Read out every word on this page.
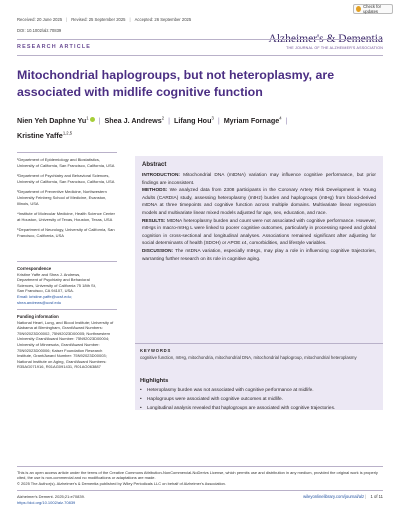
Received: 20 June 2025 | Revised: 25 September 2025 | Accepted: 26 September 2025
Check for updates
DOI: 10.1002/alz.70839
Alzheimer's & Dementia
THE JOURNAL OF THE ALZHEIMER'S ASSOCIATION
RESEARCH ARTICLE
Mitochondrial haplogroups, but not heteroplasmy, are associated with midlife cognitive function
Nien Yeh Daphne Yu$^1$ | Shea J. Andrews$^2$ | Lifang Hou$^3$ | Myriam Fornage$^4$ |
Kristine Yaffe$^{1,2,5}$

¹Department of Epidemiology and Biostatistics, University of California, San Francisco, California, USA

²Department of Psychiatry and Behavioral Sciences, University of California, San Francisco, California, USA

³Department of Preventive Medicine, Northwestern University Feinberg School of Medicine, Evanston, Illinois, USA

⁴Institute of Molecular Medicine, Health Science Center at Houston, University of Texas, Houston, Texas, USA

⁵Department of Neurology, University of California, San Francisco, California, USA

Correspondence
Kristine Yaffe and Shea J. Andrews,
Department of Psychiatry and Behavioral
Sciences, University of California 75 18th St,
San Francisco, CA 94107, USA.
Email: kristine.yaffe@ucsf.edu;
shea.andrews@ucsf.edu
Funding information
National Heart, Lung, and Blood Institute; University of Alabama at Birmingham, Grant/Award Numbers: 75N92023D00002, 75N92023D00005; Northwestern University Grant/Award Number: 75N92023D00004; University of Minnesota, Grant/Award Number: 75N92023D00006; Kaiser Foundation Research Institute, Grant/Award Number: 75N92023D00003; National Institute on Aging, Grant/Award Numbers: R35AG071916, R01AG091431, R01AG063887
Abstract

INTRODUCTION: Mitochondrial DNA (mtDNA) variation may influence cognitive performance, but prior findings are inconsistent.

METHODS: We analyzed data from 2308 participants in the Coronary Artery Risk Development in Young Adults (CARDIA) study, assessing heteroplasmy (mtHz) burden and haplogroups (mtHg) from blood-derived mtDNA at three timepoints and cognitive function across multiple domains. Multivariate linear regression models and multivariate linear mixed models adjusted for age, sex, education, and race.

RESULTS: MtDNA heteroplasmy burden and count were not associated with cognitive performance. However, mtHgs in macro-mtHg L were linked to poorer cognitive outcomes, particularly in processing speed and global cognition in cross-sectional and longitudinal analyses. Associations remained significant after adjusting for social determinants of health (SDOH) or APOE ε4, comorbidities, and lifestyle variables.

DISCUSSION: The mtDNA variation, especially mtHgs, may play a role in influencing cognitive trajectories, warranting further research on its role in cognitive aging.

KEYWORDS
cognitive function, mtHg, mitochondria, mitochondrial DNA, mitochondrial haplogroup, mitochondrial heteroplasmy
Highlights
• Heteroplasmy burden was not associated with cognitive performance at midlife.
• Haplogroups were associated with cognitive outcomes at midlife.
• Longitudinal analysis revealed that haplogroups are associated with cognitive trajectories.
This is an open access article under the terms of the Creative Commons Attribution-NonCommercial-NoDerivs License, which permits use and distribution in any medium, provided the original work is properly cited, the use is non-commercial and no modifications or adaptations are made.
© 2025 The Author(s). Alzheimer's & Dementia published by Wiley Periodicals LLC on behalf of Alzheimer's Association.
Alzheimer's Dement. 2025;21:e70839.
https://doi.org/10.1002/alz.70839
wileyonlinelibrary.com/journal/alz | 1 of 11
